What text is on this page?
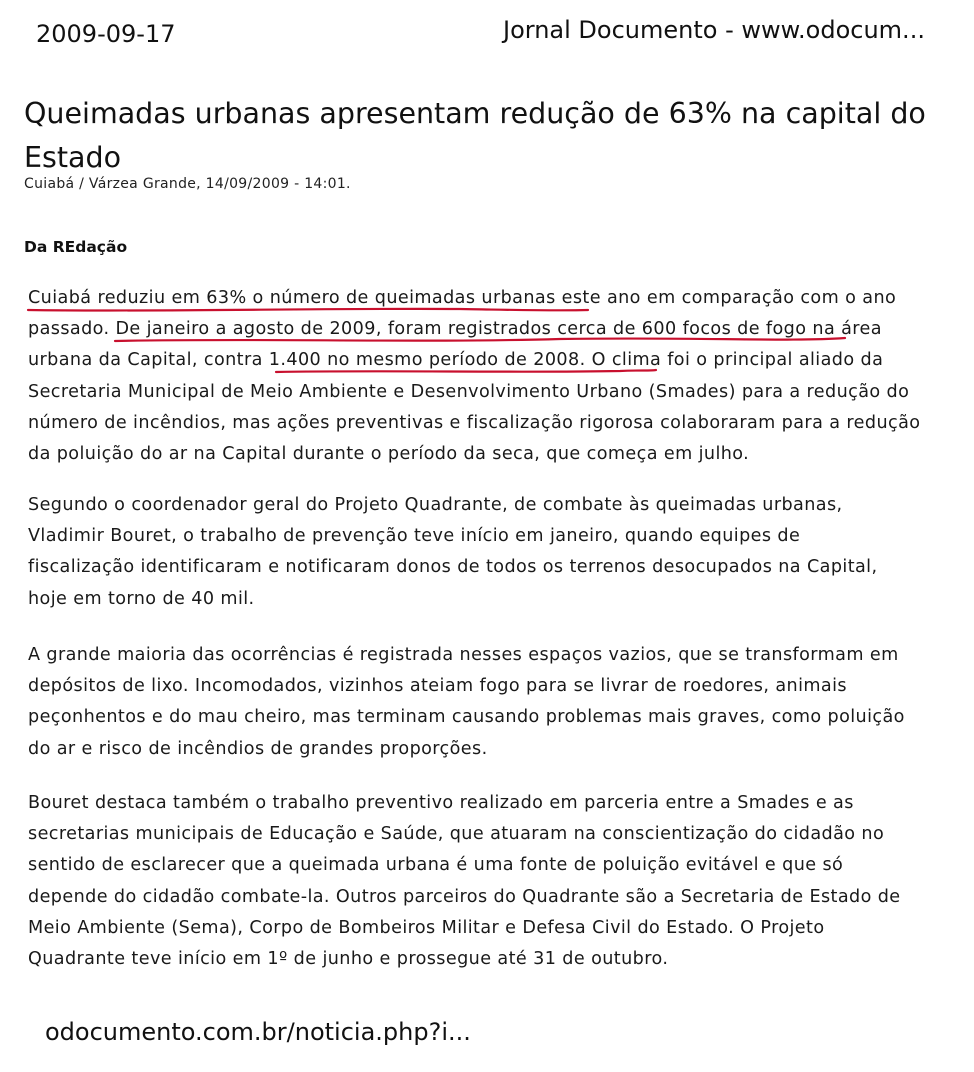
2009-09-17	Jornal Documento - www.odocum...
Queimadas urbanas apresentam redução de 63% na capital do
Estado
Cuiabá / Várzea Grande, 14/09/2009 - 14:01.
Da REdação
Cuiabá reduziu em 63% o número de queimadas urbanas este ano em comparação com o ano
passado. De janeiro a agosto de 2009, foram registrados cerca de 600 focos de fogo na área
urbana da Capital, contra 1.400 no mesmo período de 2008. O clima foi o principal aliado da
Secretaria Municipal de Meio Ambiente e Desenvolvimento Urbano (Smades) para a redução do
número de incêndios, mas ações preventivas e fiscalização rigorosa colaboraram para a redução
da poluição do ar na Capital durante o período da seca, que começa em julho.
Segundo o coordenador geral do Projeto Quadrante, de combate às queimadas urbanas,
Vladimir Bouret, o trabalho de prevenção teve início em janeiro, quando equipes de
fiscalização identificaram e notificaram donos de todos os terrenos desocupados na Capital,
hoje em torno de 40 mil.
A grande maioria das ocorrências é registrada nesses espaços vazios, que se transformam em
depósitos de lixo. Incomodados, vizinhos ateiam fogo para se livrar de roedores, animais
peçonhentos e do mau cheiro, mas terminam causando problemas mais graves, como poluição
do ar e risco de incêndios de grandes proporções.
Bouret destaca também o trabalho preventivo realizado em parceria entre a Smades e as
secretarias municipais de Educação e Saúde, que atuaram na conscientização do cidadão no
sentido de esclarecer que a queimada urbana é uma fonte de poluição evitável e que só
depende do cidadão combate-la. Outros parceiros do Quadrante são a Secretaria de Estado de
Meio Ambiente (Sema), Corpo de Bombeiros Militar e Defesa Civil do Estado. O Projeto
Quadrante teve início em 1º de junho e prossegue até 31 de outubro.
odocumento.com.br/noticia.php?i...
